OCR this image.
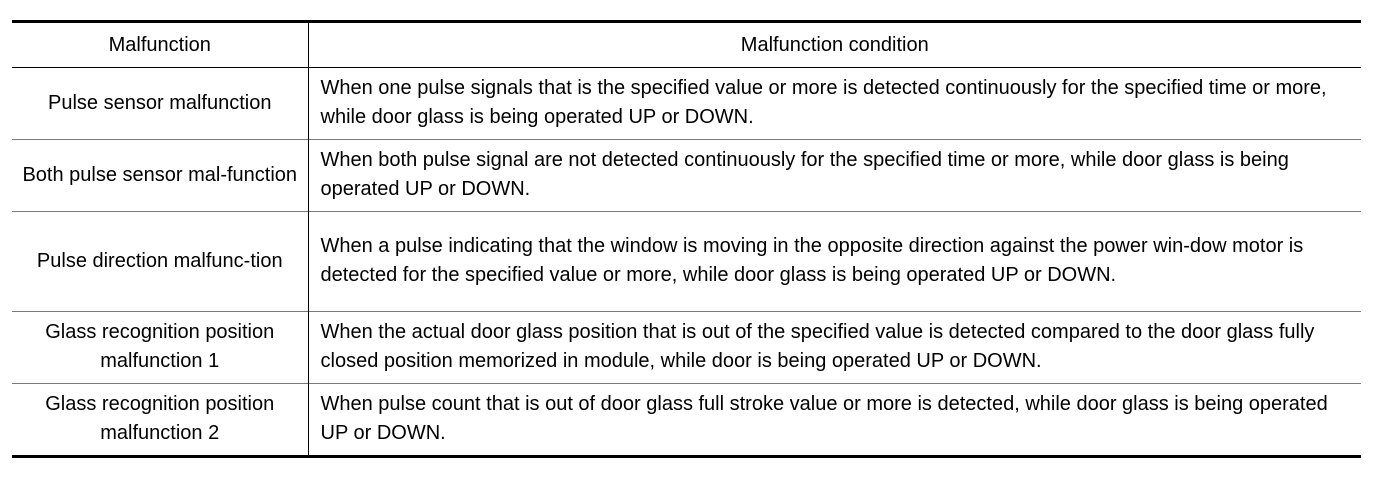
Malfunction	Malfunction condition
Pulse sensor malfunction	When one pulse signals that is the specified value or more is detected continuously for the specified time or more, while door glass is being operated UP or DOWN.
Both pulse sensor mal-function	When both pulse signal are not detected continuously for the specified time or more, while door glass is being operated UP or DOWN.
Pulse direction malfunc-tion	When a pulse indicating that the window is moving in the opposite direction against the power win-dow motor is detected for the specified value or more, while door glass is being operated UP or DOWN.
Glass recognition position malfunction 1	When the actual door glass position that is out of the specified value is detected compared to the door glass fully closed position memorized in module, while door is being operated UP or DOWN.
Glass recognition position malfunction 2	When pulse count that is out of door glass full stroke value or more is detected, while door glass is being operated UP or DOWN.
